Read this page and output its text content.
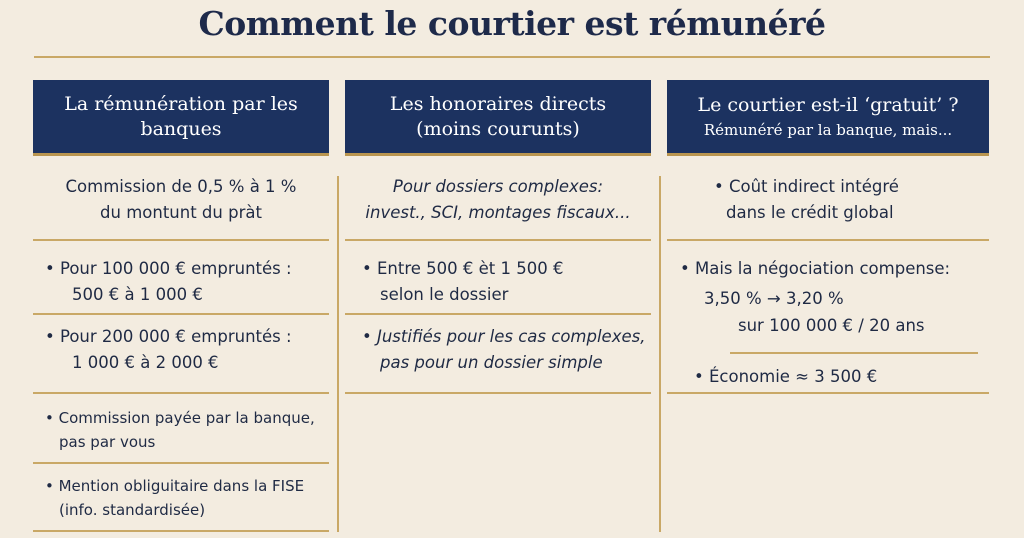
Comment le courtier est rémunéré
La rémunération par les banques
Les honoraires directs (moins courunts)
Le courtier est-il ‘gratuit’ ?
Rémunéré par la banque, mais...
Commission de 0,5 % à 1 %
du montunt du pràt
• Pour 100 000 € empruntés :
500 € à 1 000 €
• Pour 200 000 € empruntés :
1 000 € à 2 000 €
• Commission payée par la banque,
pas par vous
• Mention obliguitaire dans la FISE
(info. standardisée)
Pour dossiers complexes:
invest., SCI, montages fiscaux...
• Entre 500 € èt 1 500 €
selon le dossier
• Justifiés pour les cas complexes,
pas pour un dossier simple
• Coût indirect intégré
dans le crédit global
• Mais la négociation compense:
3,50 % → 3,20 %
sur 100 000 € / 20 ans
• Économie ≈ 3 500 €
